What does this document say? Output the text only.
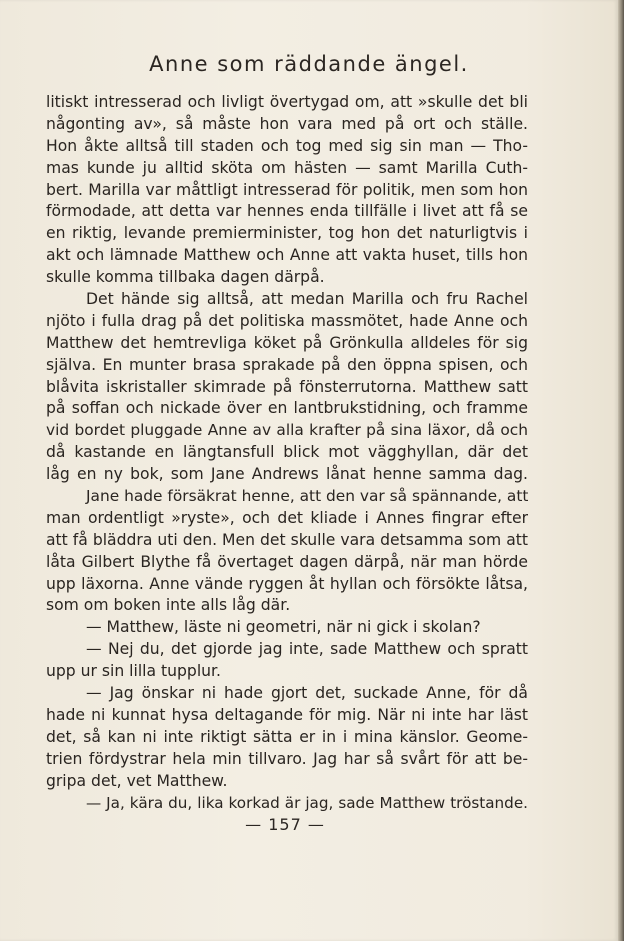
Anne som räddande ängel.
litiskt intresserad och livligt övertygad om, att »skulle det bli
någonting av», så måste hon vara med på ort och ställe.
Hon åkte alltså till staden och tog med sig sin man — Tho-
mas kunde ju alltid sköta om hästen — samt Marilla Cuth-
bert. Marilla var måttligt intresserad för politik, men som hon
förmodade, att detta var hennes enda tillfälle i livet att få se
en riktig, levande premierminister, tog hon det naturligtvis i
akt och lämnade Matthew och Anne att vakta huset, tills hon
skulle komma tillbaka dagen därpå.
Det hände sig alltså, att medan Marilla och fru Rachel
njöto i fulla drag på det politiska massmötet, hade Anne och
Matthew det hemtrevliga köket på Grönkulla alldeles för sig
själva. En munter brasa sprakade på den öppna spisen, och
blåvita iskristaller skimrade på fönsterrutorna. Matthew satt
på soffan och nickade över en lantbrukstidning, och framme
vid bordet pluggade Anne av alla krafter på sina läxor, då och
då kastande en längtansfull blick mot vägghyllan, där det
låg en ny bok, som Jane Andrews lånat henne samma dag.
Jane hade försäkrat henne, att den var så spännande, att
man ordentligt »ryste», och det kliade i Annes fingrar efter
att få bläddra uti den. Men det skulle vara detsamma som att
låta Gilbert Blythe få övertaget dagen därpå, när man hörde
upp läxorna. Anne vände ryggen åt hyllan och försökte låtsa,
som om boken inte alls låg där.
— Matthew, läste ni geometri, när ni gick i skolan?
— Nej du, det gjorde jag inte, sade Matthew och spratt
upp ur sin lilla tupplur.
— Jag önskar ni hade gjort det, suckade Anne, för då
hade ni kunnat hysa deltagande för mig. När ni inte har läst
det, så kan ni inte riktigt sätta er in i mina känslor. Geome-
trien fördystrar hela min tillvaro. Jag har så svårt för att be-
gripa det, vet Matthew.
— Ja, kära du, lika korkad är jag, sade Matthew tröstande.
— 157 —
